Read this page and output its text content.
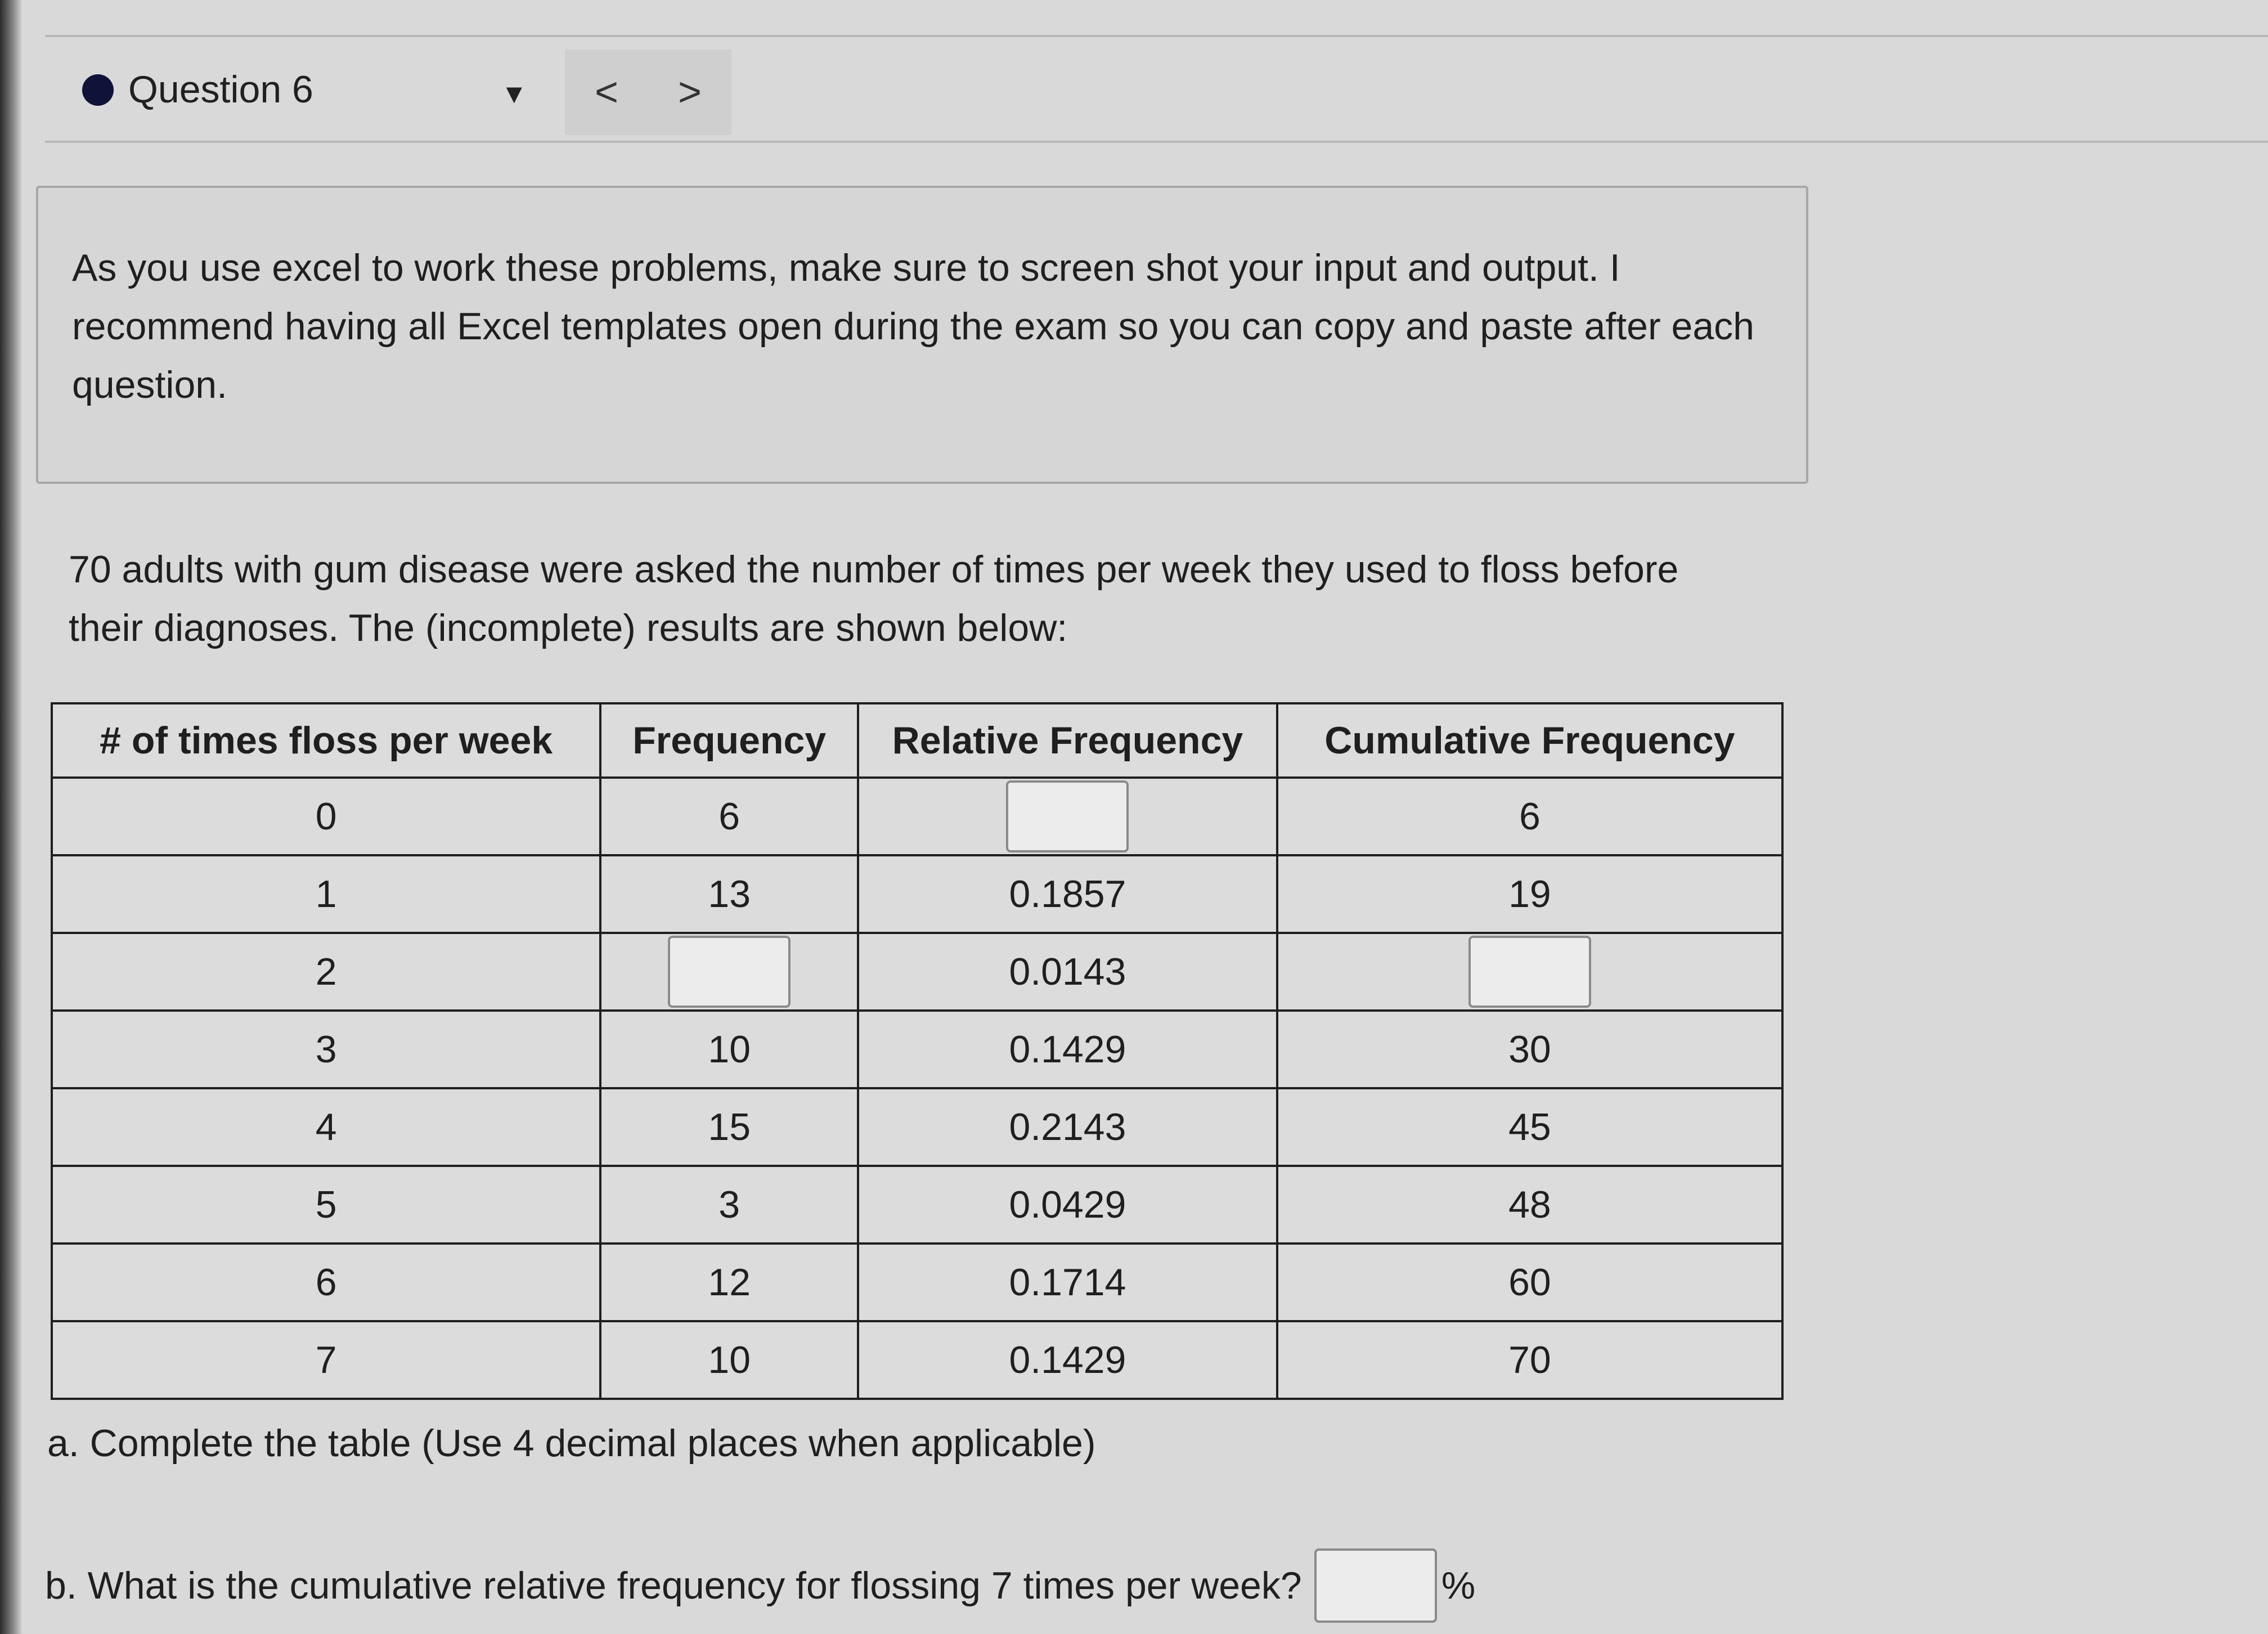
Question 6	▼	<	>
As you use excel to work these problems, make sure to screen shot your input and output. I recommend having all Excel templates open during the exam so you can copy and paste after each question.
70 adults with gum disease were asked the number of times per week they used to floss before their diagnoses. The (incomplete) results are shown below:
# of times floss per week	Frequency	Relative Frequency	Cumulative Frequency
0	6		6
1	13	0.1857	19
2		0.0143	
3	10	0.1429	30
4	15	0.2143	45
5	3	0.0429	48
6	12	0.1714	60
7	10	0.1429	70
a. Complete the table (Use 4 decimal places when applicable)
b. What is the cumulative relative frequency for flossing 7 times per week?	%
